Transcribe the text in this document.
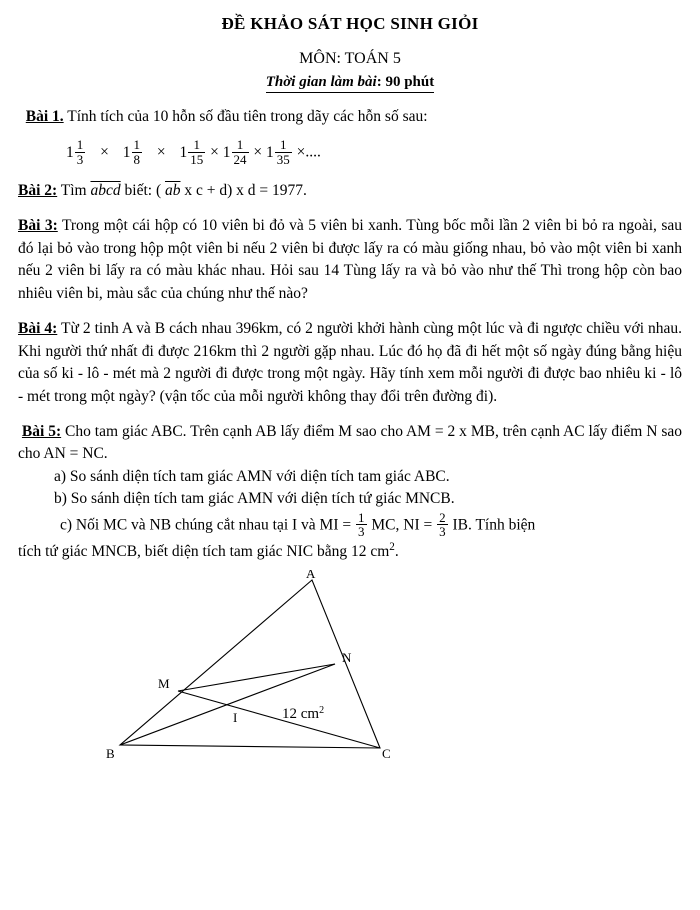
ĐỀ KHẢO SÁT HỌC SINH GIỎI
MÔN: TOÁN 5
Thời gian làm bài: 90 phút
Bài 1. Tính tích của 10 hỗn số đầu tiên trong dãy các hỗn số sau:
$1 \frac{1}{3} \times 1 \frac{1}{8} \times 1 \frac{1}{15} \times 1 \frac{1}{24} \times 1 \frac{1}{35}$ ×....
Bài 2: Tìm abcd biết: ( $\overline{ab}$ x c + d) x d = 1977.
Bài 3: Trong một cái hộp có 10 viên bi đỏ và 5 viên bi xanh. Tùng bốc mỗi lần 2 viên bi bỏ ra ngoài, sau đó lại bỏ vào trong hộp một viên bi nếu 2 viên bi được lấy ra có màu giống nhau, bỏ vào một viên bi xanh nếu 2 viên bi lấy ra có màu khác nhau. Hỏi sau 14 Tùng lấy ra và bỏ vào như thế Thì trong hộp còn bao nhiêu viên bi, màu sắc của chúng như thế nào?
Bài 4: Từ 2 tinh A và B cách nhau 396km, có 2 người khởi hành cùng một lúc và đi ngược chiều với nhau. Khi người thứ nhất đi được 216km thì 2 người gặp nhau. Lúc đó họ đã đi hết một số ngày đúng bằng hiệu của số ki - lô - mét mà 2 người đi được trong một ngày. Hãy tính xem mỗi người đi được bao nhiêu ki - lô - mét trong một ngày? (vận tốc của mỗi người không thay đổi trên đường đi).
Bài 5: Cho tam giác ABC. Trên cạnh AB lấy điểm M sao cho AM = 2 x MB, trên cạnh AC lấy điểm N sao cho AN = NC.
a) So sánh diện tích tam giác AMN với diện tích tam giác ABC.
b) So sánh diện tích tam giác AMN với diện tích tứ giác MNCB.
c) Nối MC và NB chúng cắt nhau tại I và MI = $\frac{1}{3}$ MC, NI = $\frac{2}{3}$ IB. Tính biện
tích tứ giác MNCB, biết diện tích tam giác NIC bằng 12 $cm^2$.
A
B	C
M
N
I	12 $cm^2$
